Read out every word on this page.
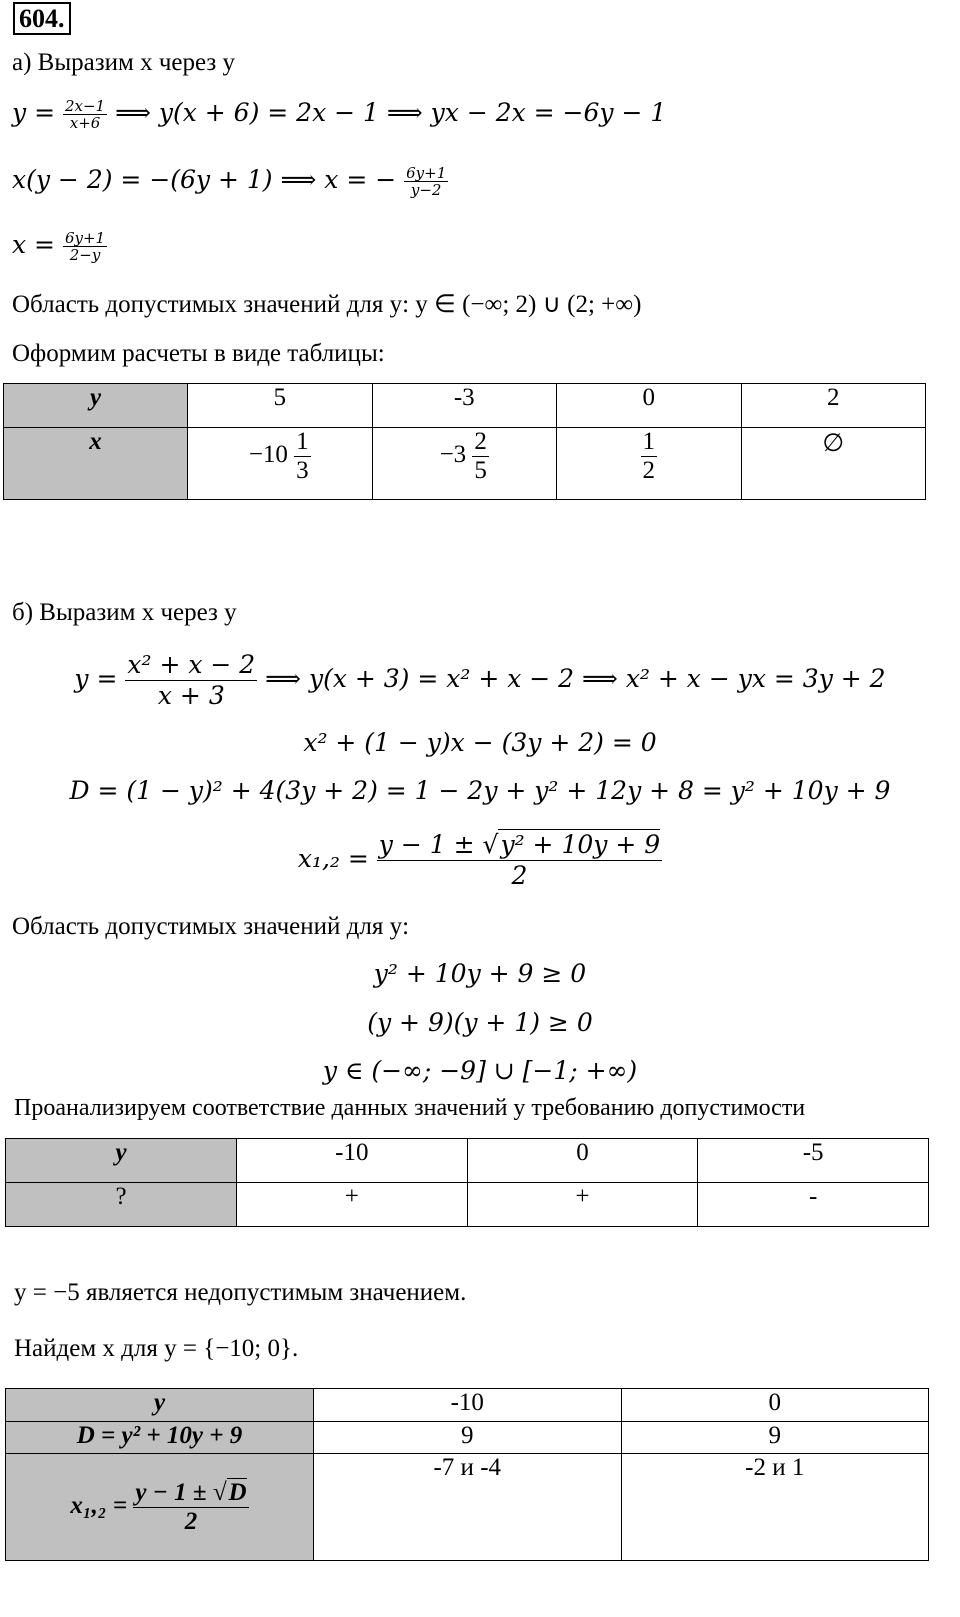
604.
а) Выразим x через y
$y = \frac{2x-1}{x+6}$ ⟹ y(x + 6) = 2x − 1 ⟹ yx − 2x = −6y − 1
x(y − 2) = −(6y + 1) ⟹ x = − $\frac{6y+1}{y-2}$
$x = \frac{6y+1}{2-y}$
Область допустимых значений для y: y ∈ (−∞; 2) ∪ (2; +∞)
Оформим расчеты в виде таблицы:
y	5	-3	0	2
x	$-10 \frac{1}{3}$	$-3 \frac{2}{5}$	$\frac{1}{2}$	∅
б) Выразим x через y
$y = \frac{\text{x² + x − 2}}{x + 3}$ ⟹ y(x + 3) = x² + x − 2 ⟹ x² + x − yx = 3y + 2
x² + (1 − y)x − (3y + 2) = 0
D = (1 − y)² + 4(3y + 2) = 1 − 2y + y² + 12y + 8 = y² + 10y + 9
$x_1,_2 = \frac{\text{y − 1 ± √y² + 10y + 9}}{2}$
Область допустимых значений для y:
y² + 10y + 9 ≥ 0
(y + 9)(y + 1) ≥ 0
y ∈ (−∞; −9] ∪ [−1; +∞)
Проанализируем соответствие данных значений y требованию допустимости
y	-10	0	-5
?	+	+	-
y = −5 является недопустимым значением.
Найдем x для y = {−10; 0}.
y	-10	0
D = y² + 10y + 9	9	9
$x_1,_2 = \frac{y - 1 \pm √D}{2}$	-7 и -4	-2 и 1
